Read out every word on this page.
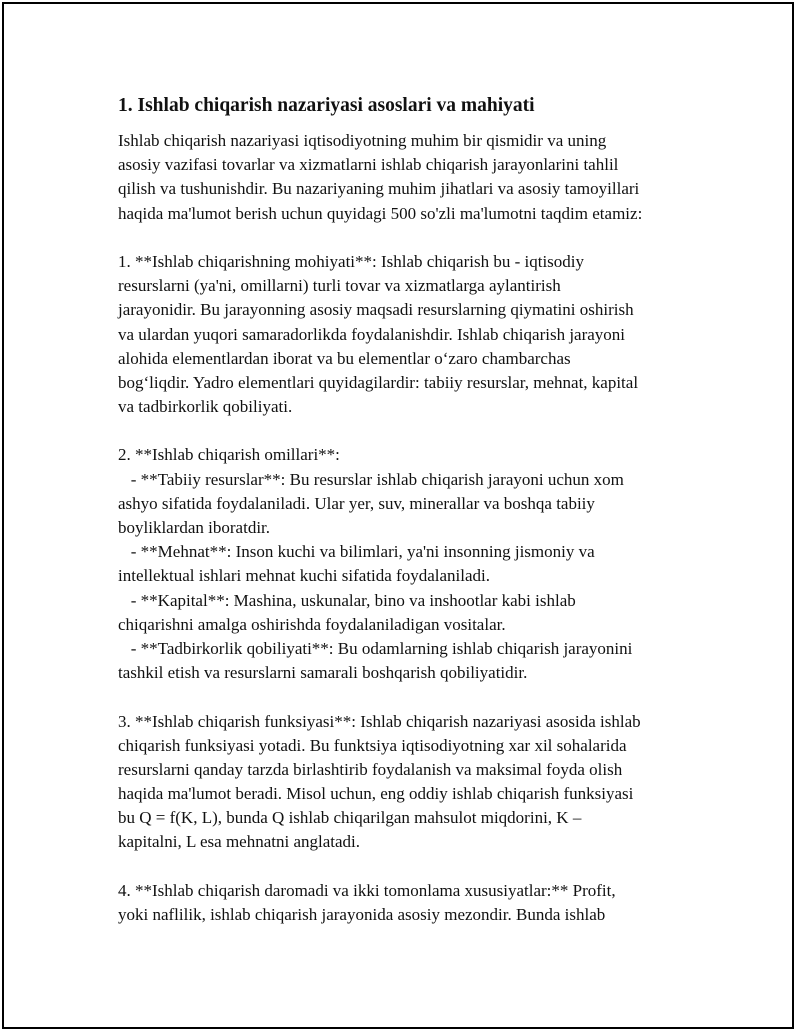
1. Ishlab chiqarish nazariyasi asoslari va mahiyati
Ishlab chiqarish nazariyasi iqtisodiyotning muhim bir qismidir va uning
asosiy vazifasi tovarlar va xizmatlarni ishlab chiqarish jarayonlarini tahlil
qilish va tushunishdir. Bu nazariyaning muhim jihatlari va asosiy tamoyillari
haqida ma'lumot berish uchun quyidagi 500 so'zli ma'lumotni taqdim etamiz:
1. **Ishlab chiqarishning mohiyati**: Ishlab chiqarish bu - iqtisodiy
resurslarni (ya'ni, omillarni) turli tovar va xizmatlarga aylantirish
jarayonidir. Bu jarayonning asosiy maqsadi resurslarning qiymatini oshirish
va ulardan yuqori samaradorlikda foydalanishdir. Ishlab chiqarish jarayoni
alohida elementlardan iborat va bu elementlar o‘zaro chambarchas
bog‘liqdir. Yadro elementlari quyidagilardir: tabiiy resurslar, mehnat, kapital
va tadbirkorlik qobiliyati.
2. **Ishlab chiqarish omillari**:
- **Tabiiy resurslar**: Bu resurslar ishlab chiqarish jarayoni uchun xom
ashyo sifatida foydalaniladi. Ular yer, suv, minerallar va boshqa tabiiy
boyliklardan iboratdir.
- **Mehnat**: Inson kuchi va bilimlari, ya'ni insonning jismoniy va
intellektual ishlari mehnat kuchi sifatida foydalaniladi.
- **Kapital**: Mashina, uskunalar, bino va inshootlar kabi ishlab
chiqarishni amalga oshirishda foydalaniladigan vositalar.
- **Tadbirkorlik qobiliyati**: Bu odamlarning ishlab chiqarish jarayonini
tashkil etish va resurslarni samarali boshqarish qobiliyatidir.
3. **Ishlab chiqarish funksiyasi**: Ishlab chiqarish nazariyasi asosida ishlab
chiqarish funksiyasi yotadi. Bu funktsiya iqtisodiyotning xar xil sohalarida
resurslarni qanday tarzda birlashtirib foydalanish va maksimal foyda olish
haqida ma'lumot beradi. Misol uchun, eng oddiy ishlab chiqarish funksiyasi
bu Q = f(K, L), bunda Q ishlab chiqarilgan mahsulot miqdorini, K –
kapitalni, L esa mehnatni anglatadi.
4. **Ishlab chiqarish daromadi va ikki tomonlama xususiyatlar:** Profit,
yoki naflilik, ishlab chiqarish jarayonida asosiy mezondir. Bunda ishlab
